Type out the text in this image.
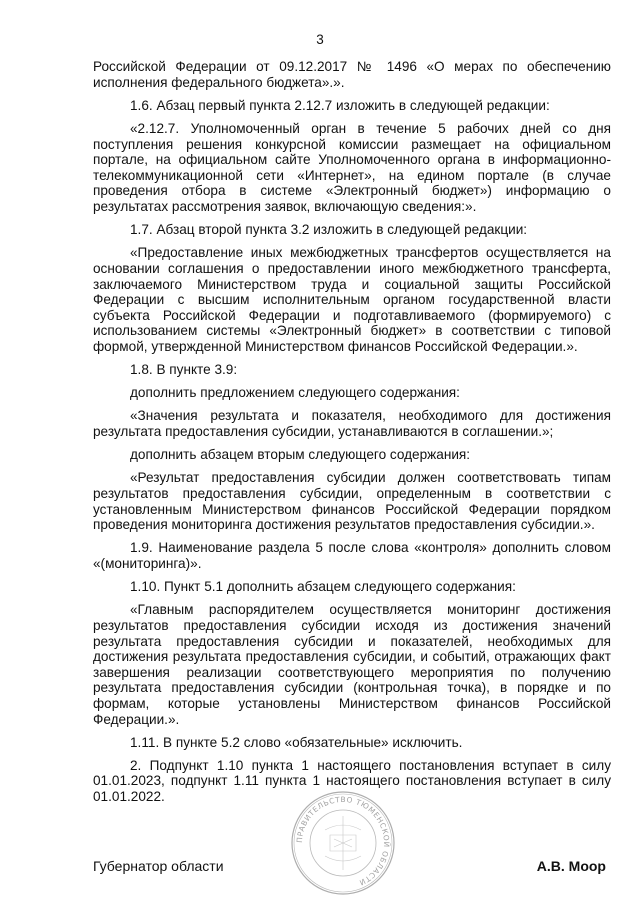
3

Российской Федерации от 09.12.2017 № 1496 «О мерах по обеспечению исполнения федерального бюджета».».

1.6. Абзац первый пункта 2.12.7 изложить в следующей редакции:

«2.12.7. Уполномоченный орган в течение 5 рабочих дней со дня поступления решения конкурсной комиссии размещает на официальном портале, на официальном сайте Уполномоченного органа в информационно-телекоммуникационной сети «Интернет», на едином портале (в случае проведения отбора в системе «Электронный бюджет») информацию о результатах рассмотрения заявок, включающую сведения:».

1.7. Абзац второй пункта 3.2 изложить в следующей редакции:

«Предоставление иных межбюджетных трансфертов осуществляется на основании соглашения о предоставлении иного межбюджетного трансферта, заключаемого Министерством труда и социальной защиты Российской Федерации с высшим исполнительным органом государственной власти субъекта Российской Федерации и подготавливаемого (формируемого) с использованием системы «Электронный бюджет» в соответствии с типовой формой, утвержденной Министерством финансов Российской Федерации.».

1.8. В пункте 3.9:

дополнить предложением следующего содержания:

«Значения результата и показателя, необходимого для достижения результата предоставления субсидии, устанавливаются в соглашении.»;

дополнить абзацем вторым следующего содержания:

«Результат предоставления субсидии должен соответствовать типам результатов предоставления субсидии, определенным в соответствии с установленным Министерством финансов Российской Федерации порядком проведения мониторинга достижения результатов предоставления субсидии.».

1.9. Наименование раздела 5 после слова «контроля» дополнить словом «(мониторинга)».

1.10. Пункт 5.1 дополнить абзацем следующего содержания:

«Главным распорядителем осуществляется мониторинг достижения результатов предоставления субсидии исходя из достижения значений результата предоставления субсидии и показателей, необходимых для достижения результата предоставления субсидии, и событий, отражающих факт завершения реализации соответствующего мероприятия по получению результата предоставления субсидии (контрольная точка), в порядке и по формам, которые установлены Министерством финансов Российской Федерации.».

1.11. В пункте 5.2 слово «обязательные» исключить.

2. Подпункт 1.10 пункта 1 настоящего постановления вступает в силу 01.01.2023, подпункт 1.11 пункта 1 настоящего постановления вступает в силу 01.01.2022.

ПРАВИТЕЛЬСТВО ТЮМЕНСКОЙ ОБЛАСТИ
Губернатор области	А.В. Моор
